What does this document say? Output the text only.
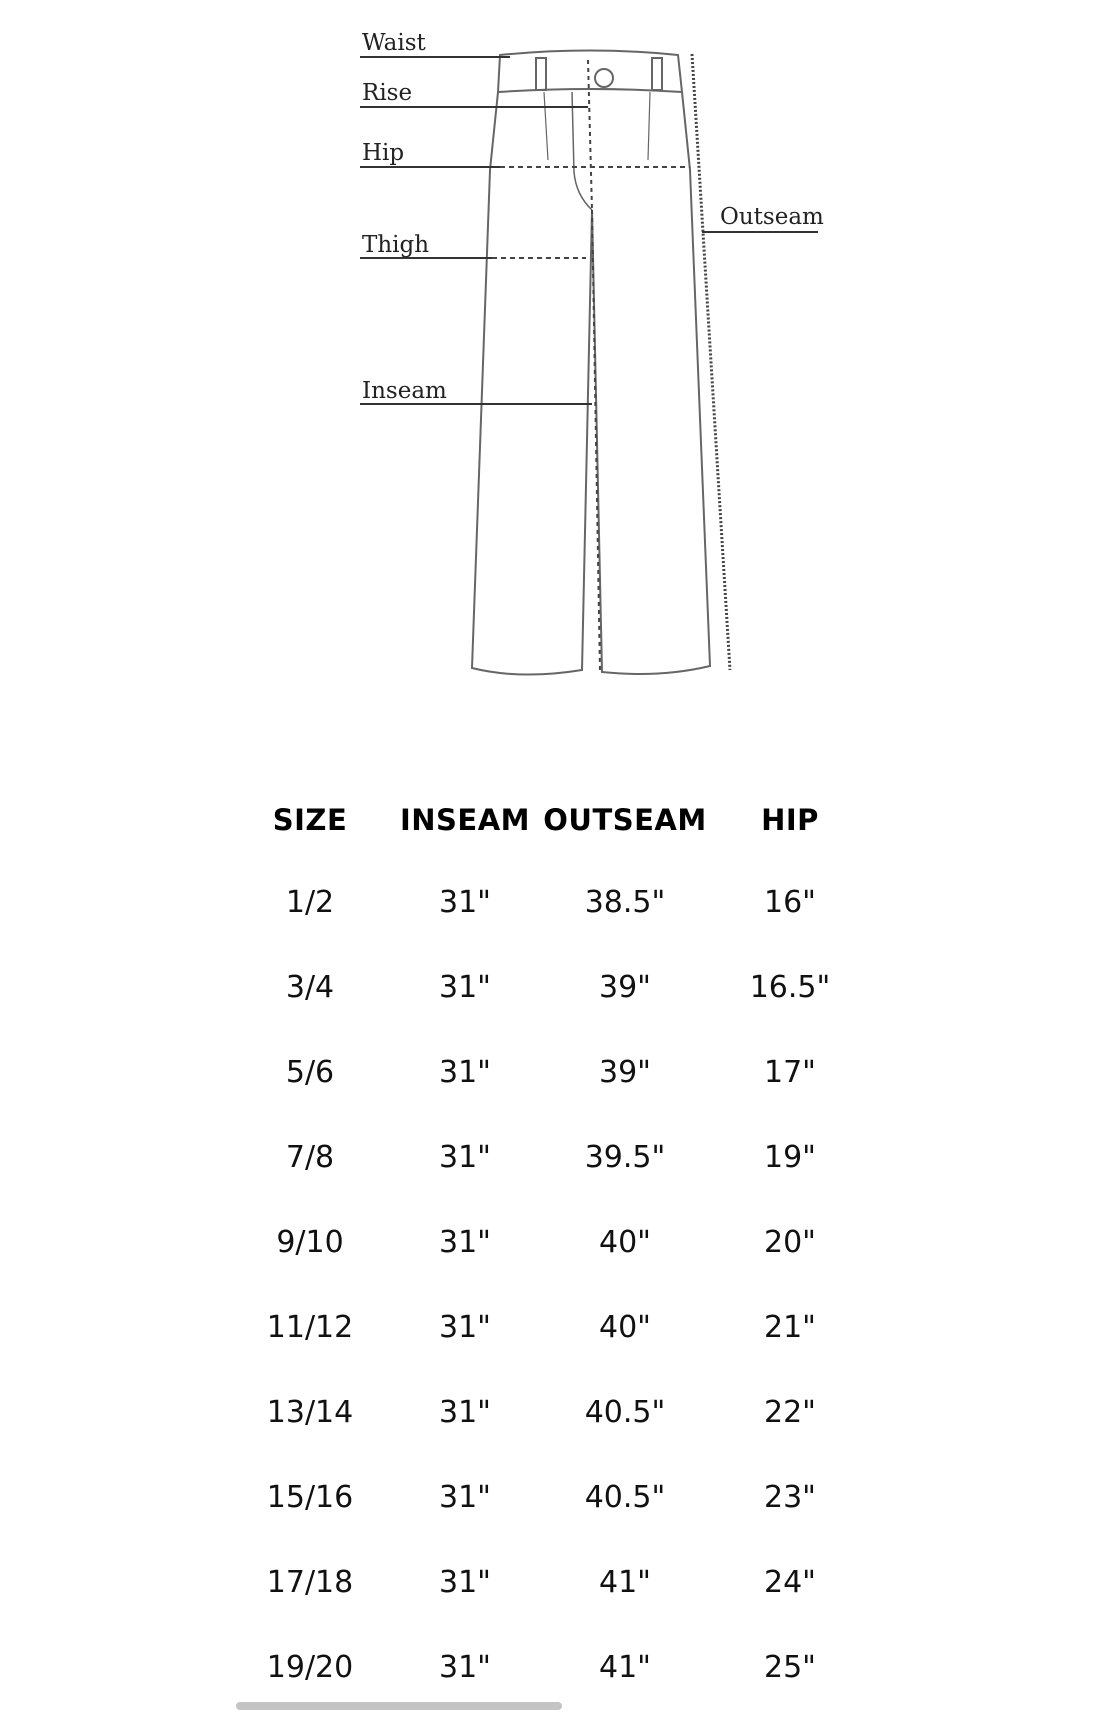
Waist
Rise
Hip
Thigh
Inseam
Outseam
SIZE	INSEAM	OUTSEAM	HIP
1/2	31"	38.5"	16"
3/4	31"	39"	16.5"
5/6	31"	39"	17"
7/8	31"	39.5"	19"
9/10	31"	40"	20"
11/12	31"	40"	21"
13/14	31"	40.5"	22"
15/16	31"	40.5"	23"
17/18	31"	41"	24"
19/20	31"	41"	25"
